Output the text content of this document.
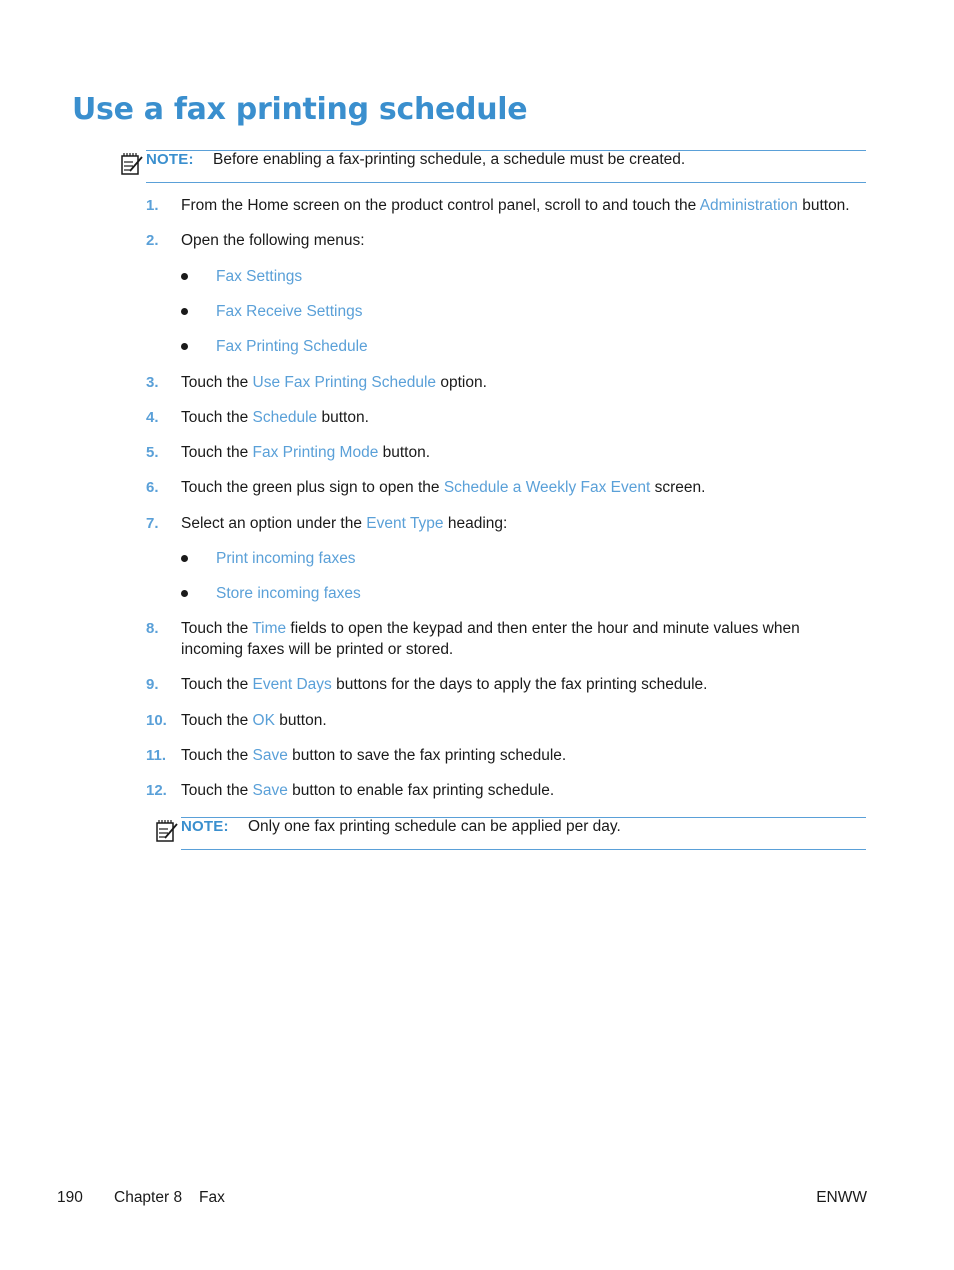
Use a fax printing schedule
NOTE: Before enabling a fax-printing schedule, a schedule must be created.
1. From the Home screen on the product control panel, scroll to and touch the Administration button.
2. Open the following menus:
Fax Settings
Fax Receive Settings
Fax Printing Schedule
3. Touch the Use Fax Printing Schedule option.
4. Touch the Schedule button.
5. Touch the Fax Printing Mode button.
6. Touch the green plus sign to open the Schedule a Weekly Fax Event screen.
7. Select an option under the Event Type heading:
Print incoming faxes
Store incoming faxes
8. Touch the Time fields to open the keypad and then enter the hour and minute values when incoming faxes will be printed or stored.
9. Touch the Event Days buttons for the days to apply the fax printing schedule.
10. Touch the OK button.
11. Touch the Save button to save the fax printing schedule.
12. Touch the Save button to enable fax printing schedule.
NOTE: Only one fax printing schedule can be applied per day.
190 Chapter 8 Fax	ENWW
